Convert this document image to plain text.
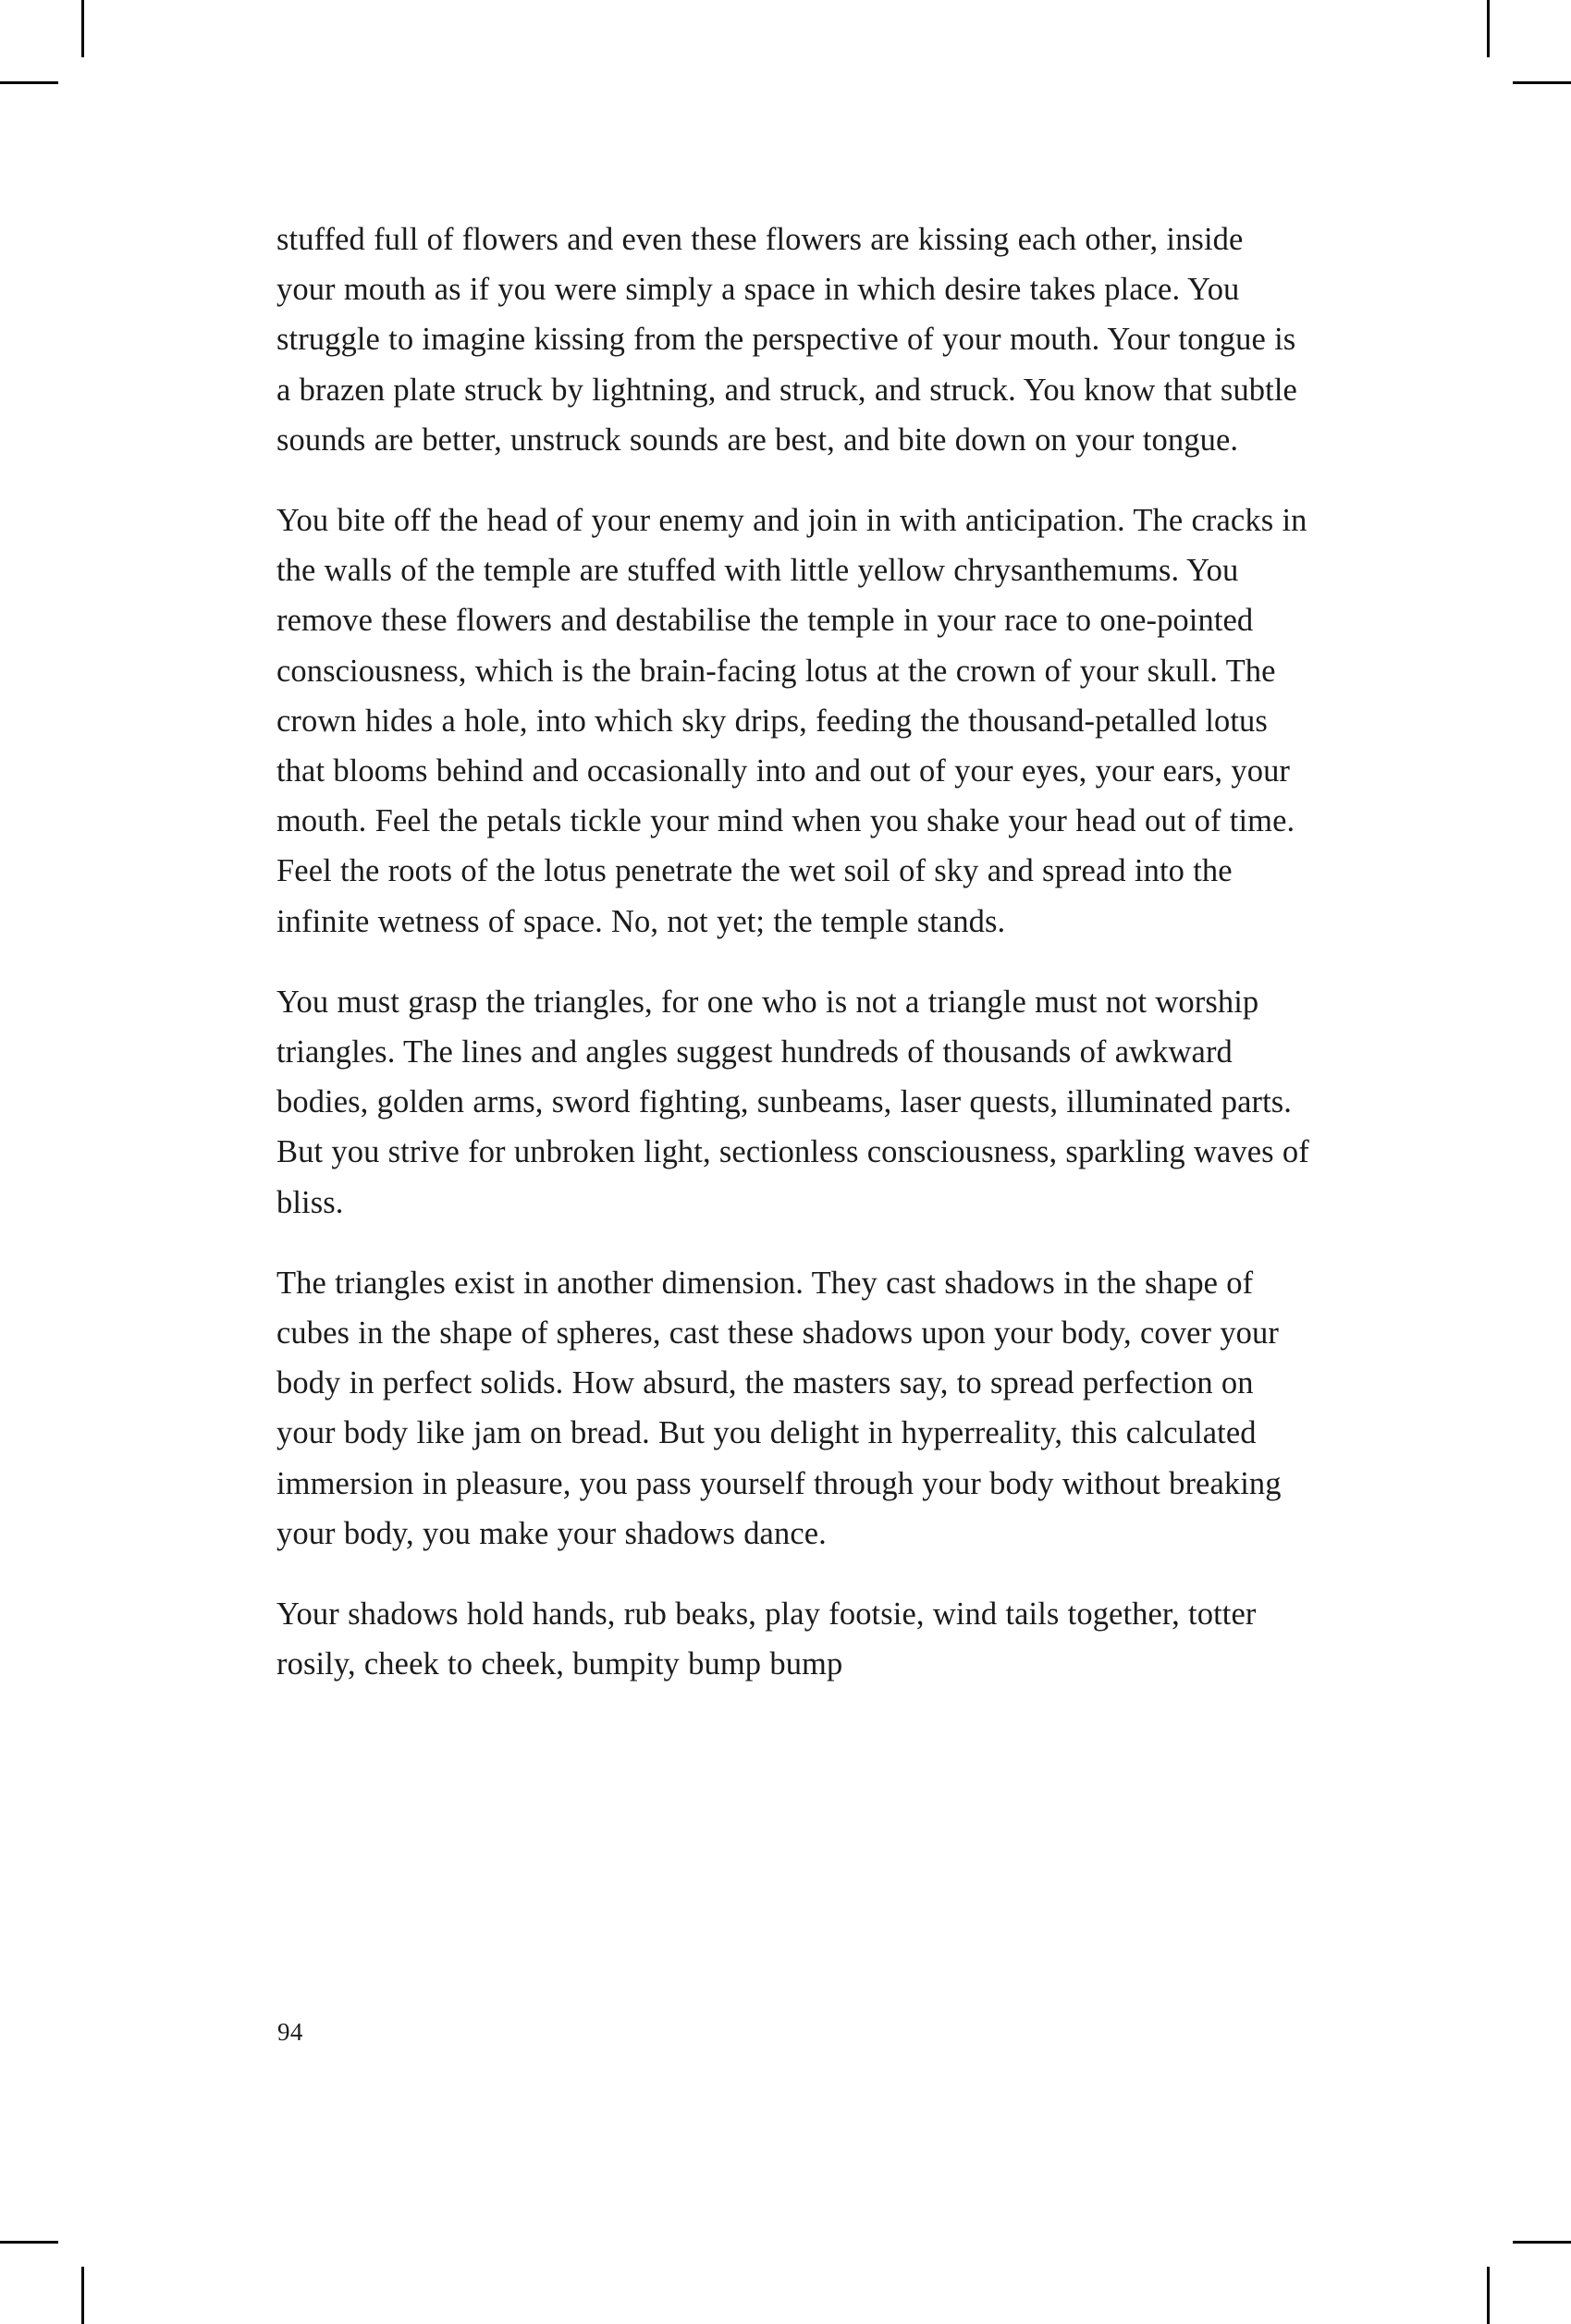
stuffed full of flowers and even these flowers are kissing each other, inside your mouth as if you were simply a space in which desire takes place. You struggle to imagine kissing from the perspective of your mouth. Your tongue is a brazen plate struck by lightning, and struck, and struck. You know that subtle sounds are better, unstruck sounds are best, and bite down on your tongue.

You bite off the head of your enemy and join in with anticipation. The cracks in the walls of the temple are stuffed with little yellow chrysanthemums. You remove these flowers and destabilise the temple in your race to one-pointed consciousness, which is the brain-facing lotus at the crown of your skull. The crown hides a hole, into which sky drips, feeding the thousand-petalled lotus that blooms behind and occasionally into and out of your eyes, your ears, your mouth. Feel the petals tickle your mind when you shake your head out of time. Feel the roots of the lotus penetrate the wet soil of sky and spread into the infinite wetness of space. No, not yet; the temple stands.

You must grasp the triangles, for one who is not a triangle must not worship triangles. The lines and angles suggest hundreds of thousands of awkward bodies, golden arms, sword fighting, sunbeams, laser quests, illuminated parts. But you strive for unbroken light, sectionless consciousness, sparkling waves of bliss.

The triangles exist in another dimension. They cast shadows in the shape of cubes in the shape of spheres, cast these shadows upon your body, cover your body in perfect solids. How absurd, the masters say, to spread perfection on your body like jam on bread. But you delight in hyperreality, this calculated immersion in pleasure, you pass yourself through your body without breaking your body, you make your shadows dance.

Your shadows hold hands, rub beaks, play footsie, wind tails together, totter rosily, cheek to cheek, bumpity bump bump

94
